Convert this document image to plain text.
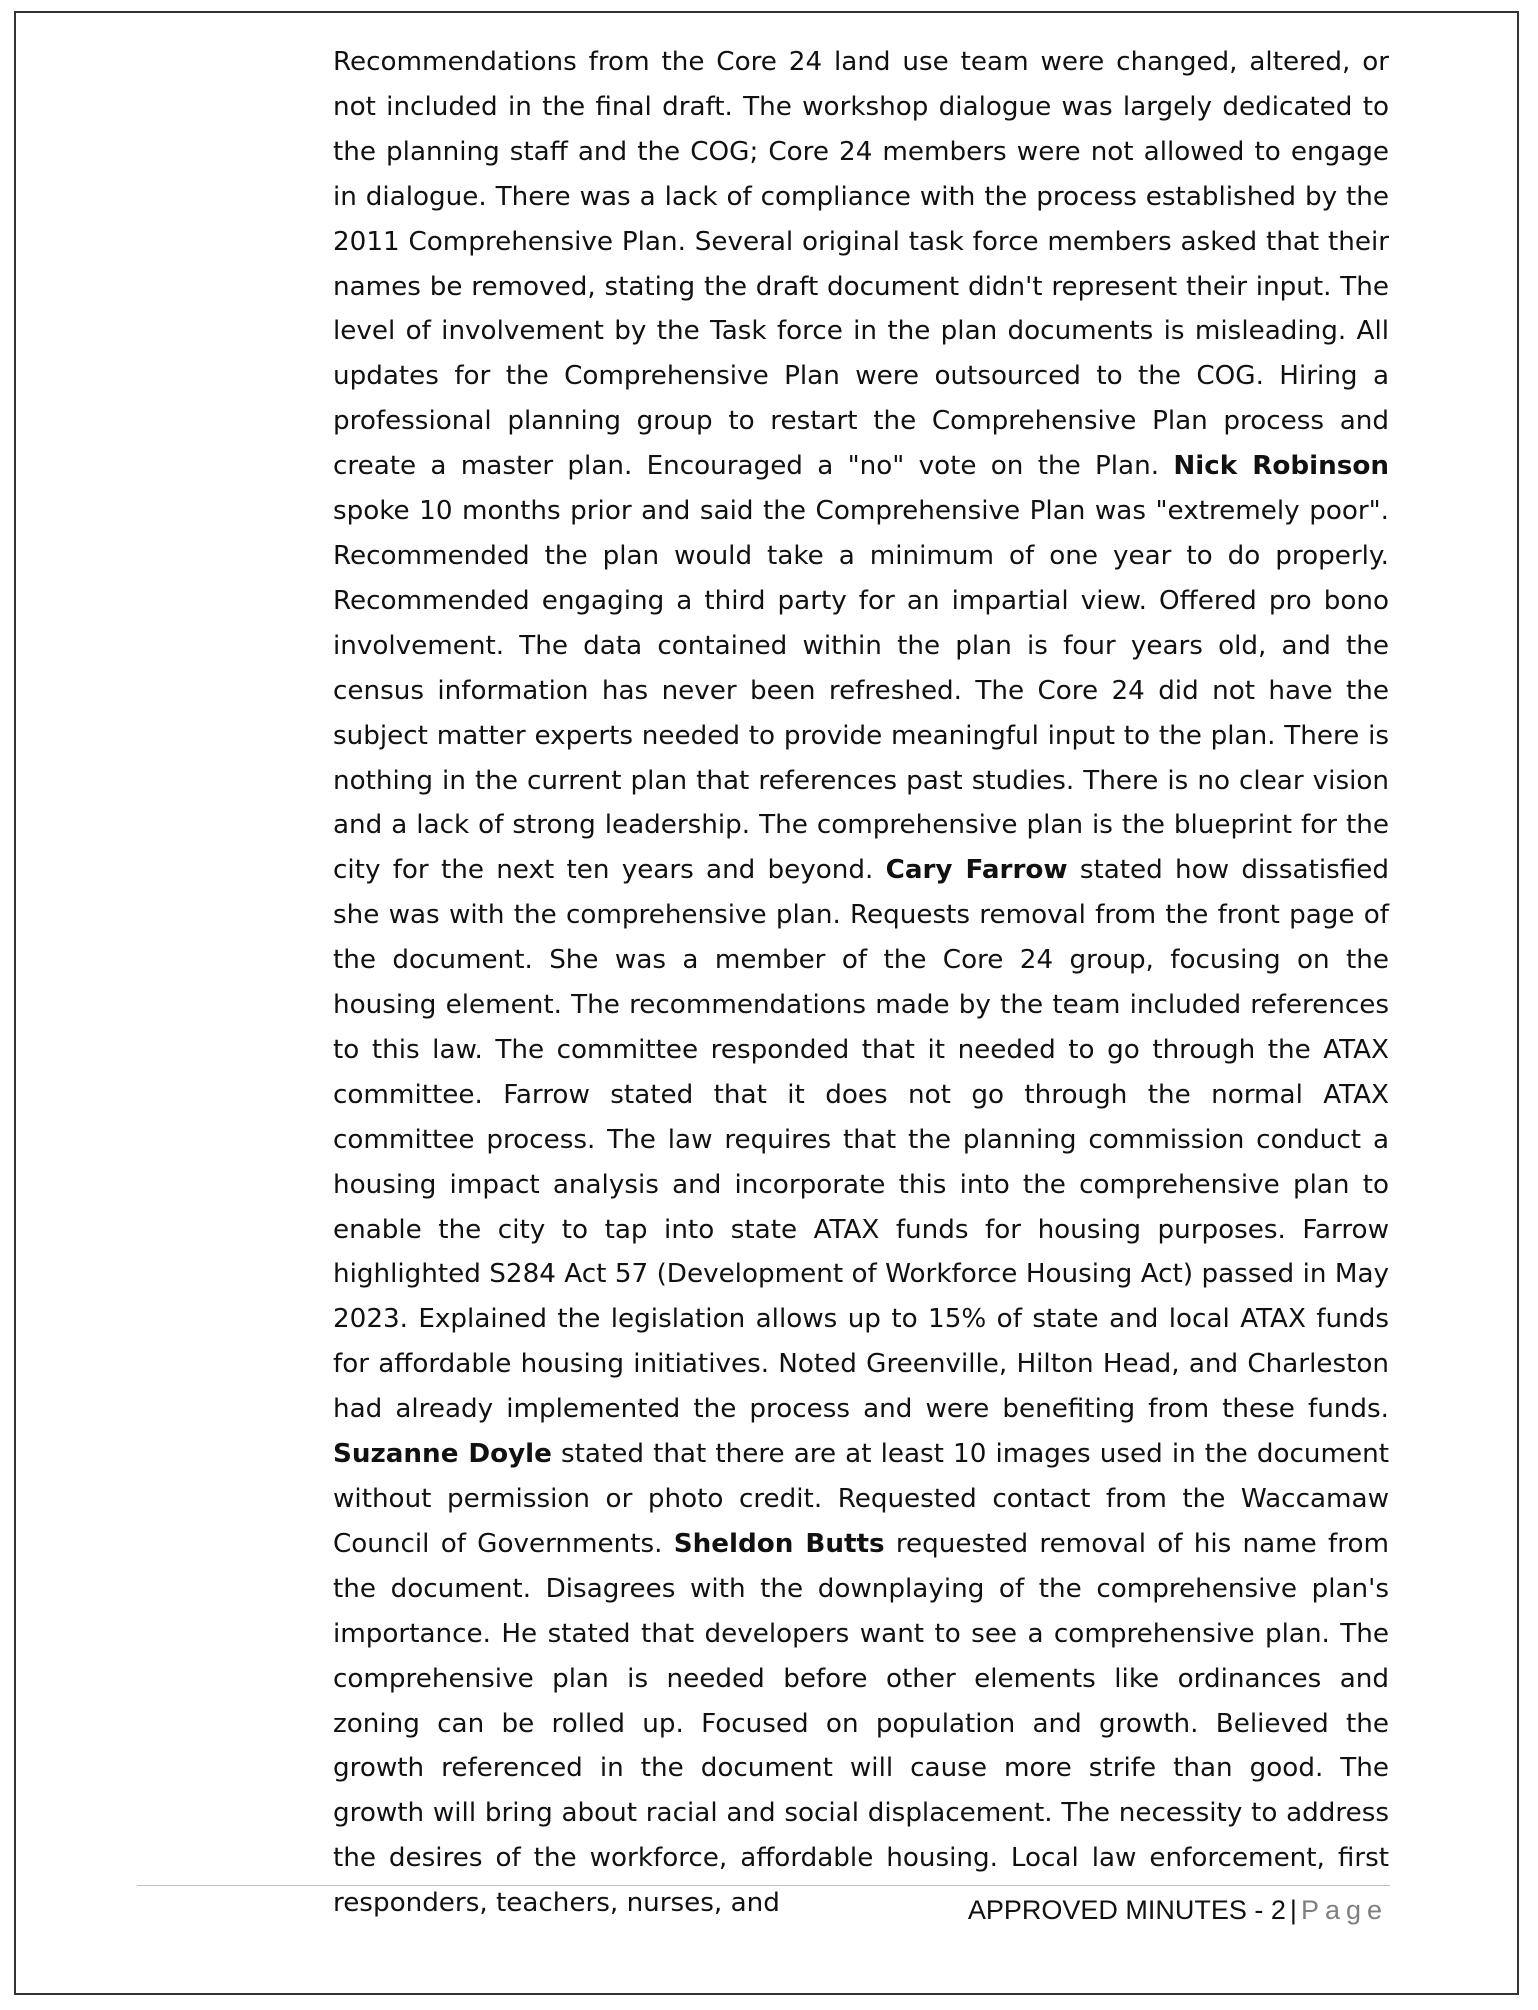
Recommendations from the Core 24 land use team were changed, altered, or not included in the final draft. The workshop dialogue was largely dedicated to the planning staff and the COG; Core 24 members were not allowed to engage in dialogue. There was a lack of compliance with the process established by the 2011 Comprehensive Plan. Several original task force members asked that their names be removed, stating the draft document didn't represent their input. The level of involvement by the Task force in the plan documents is misleading. All updates for the Comprehensive Plan were outsourced to the COG. Hiring a professional planning group to restart the Comprehensive Plan process and create a master plan. Encouraged a "no" vote on the Plan. Nick Robinson spoke 10 months prior and said the Comprehensive Plan was "extremely poor". Recommended the plan would take a minimum of one year to do properly. Recommended engaging a third party for an impartial view. Offered pro bono involvement. The data contained within the plan is four years old, and the census information has never been refreshed. The Core 24 did not have the subject matter experts needed to provide meaningful input to the plan. There is nothing in the current plan that references past studies. There is no clear vision and a lack of strong leadership. The comprehensive plan is the blueprint for the city for the next ten years and beyond. Cary Farrow stated how dissatisfied she was with the comprehensive plan. Requests removal from the front page of the document. She was a member of the Core 24 group, focusing on the housing element. The recommendations made by the team included references to this law. The committee responded that it needed to go through the ATAX committee. Farrow stated that it does not go through the normal ATAX committee process. The law requires that the planning commission conduct a housing impact analysis and incorporate this into the comprehensive plan to enable the city to tap into state ATAX funds for housing purposes. Farrow highlighted S284 Act 57 (Development of Workforce Housing Act) passed in May 2023. Explained the legislation allows up to 15% of state and local ATAX funds for affordable housing initiatives. Noted Greenville, Hilton Head, and Charleston had already implemented the process and were benefiting from these funds. Suzanne Doyle stated that there are at least 10 images used in the document without permission or photo credit. Requested contact from the Waccamaw Council of Governments. Sheldon Butts requested removal of his name from the document. Disagrees with the downplaying of the comprehensive plan's importance. He stated that developers want to see a comprehensive plan. The comprehensive plan is needed before other elements like ordinances and zoning can be rolled up. Focused on population and growth. Believed the growth referenced in the document will cause more strife than good. The growth will bring about racial and social displacement. The necessity to address the desires of the workforce, affordable housing. Local law enforcement, first responders, teachers, nurses, and	APPROVED MINUTES - 2 | Page
